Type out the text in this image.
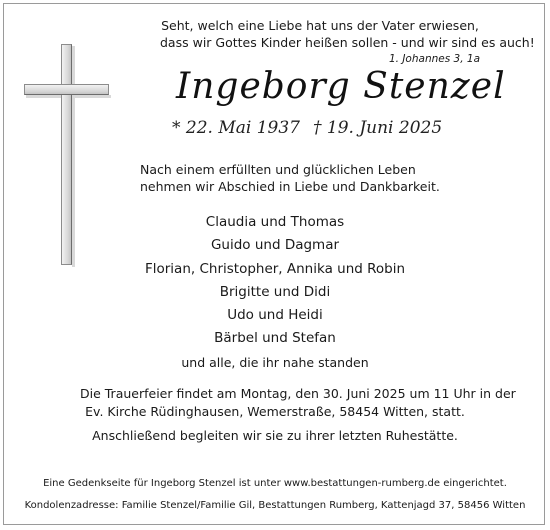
Seht, welch eine Liebe hat uns der Vater erwiesen,
dass wir Gottes Kinder heißen sollen - und wir sind es auch!
1. Johannes 3, 1a
Ingeborg Stenzel
* 22. Mai 1937 † 19. Juni 2025
Nach einem erfüllten und glücklichen Leben
nehmen wir Abschied in Liebe und Dankbarkeit.
Claudia und Thomas
Guido und Dagmar
Florian, Christopher, Annika und Robin
Brigitte und Didi
Udo und Heidi
Bärbel und Stefan
und alle, die ihr nahe standen
Die Trauerfeier findet am Montag, den 30. Juni 2025 um 11 Uhr in der
Ev. Kirche Rüdinghausen, Wemerstraße, 58454 Witten, statt.
Anschließend begleiten wir sie zu ihrer letzten Ruhestätte.
Eine Gedenkseite für Ingeborg Stenzel ist unter www.bestattungen-rumberg.de eingerichtet.
Kondolenzadresse: Familie Stenzel/Familie Gil, Bestattungen Rumberg, Kattenjagd 37, 58456 Witten
